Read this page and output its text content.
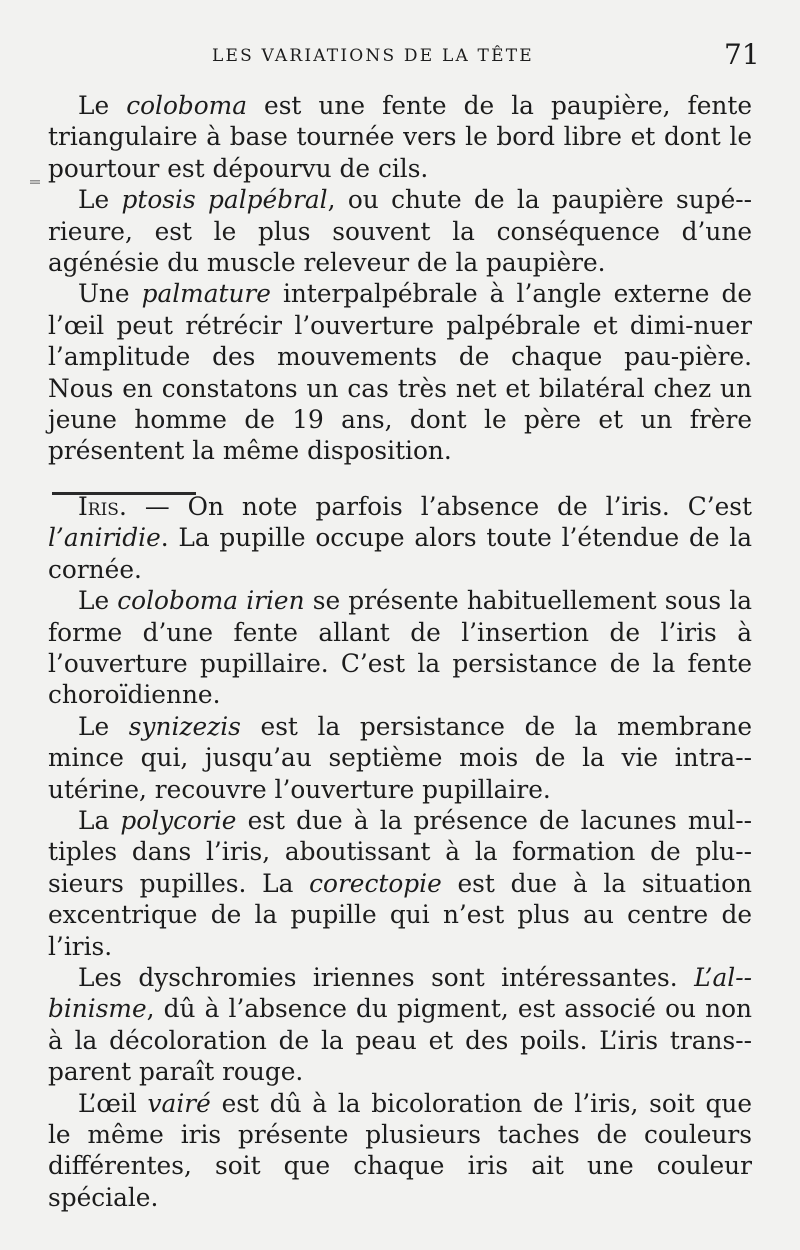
LES VARIATIONS DE LA TÊTE	71
‗

Le coloboma est une fente de la paupière, fente triangulaire à base tournée vers le bord libre et dont le pourtour est dépourvu de cils.

Le ptosis palpébral, ou chute de la paupière supé-rieure, est le plus souvent la conséquence d’une agénésie du muscle releveur de la paupière.

Une palmature interpalpébrale à l’angle externe de l’œil peut rétrécir l’ouverture palpébrale et dimi-nuer l’amplitude des mouvements de chaque pau-pière. Nous en constatons un cas très net et bilatéral chez un jeune homme de 19 ans, dont le père et un frère présentent la même disposition.

Iris. — On note parfois l’absence de l’iris. C’est l’aniridie. La pupille occupe alors toute l’étendue de la cornée.

Le coloboma irien se présente habituellement sous la forme d’une fente allant de l’insertion de l’iris à l’ouverture pupillaire. C’est la persistance de la fente choroïdienne.

Le synizezis est la persistance de la membrane mince qui, jusqu’au septième mois de la vie intra-utérine, recouvre l’ouverture pupillaire.

La polycorie est due à la présence de lacunes mul-tiples dans l’iris, aboutissant à la formation de plu-sieurs pupilles. La corectopie est due à la situation excentrique de la pupille qui n’est plus au centre de l’iris.

Les dyschromies iriennes sont intéressantes. L’al-binisme, dû à l’absence du pigment, est associé ou non à la décoloration de la peau et des poils. L’iris trans-parent paraît rouge.

L’œil vairé est dû à la bicoloration de l’iris, soit que le même iris présente plusieurs taches de couleurs différentes, soit que chaque iris ait une couleur spéciale.
